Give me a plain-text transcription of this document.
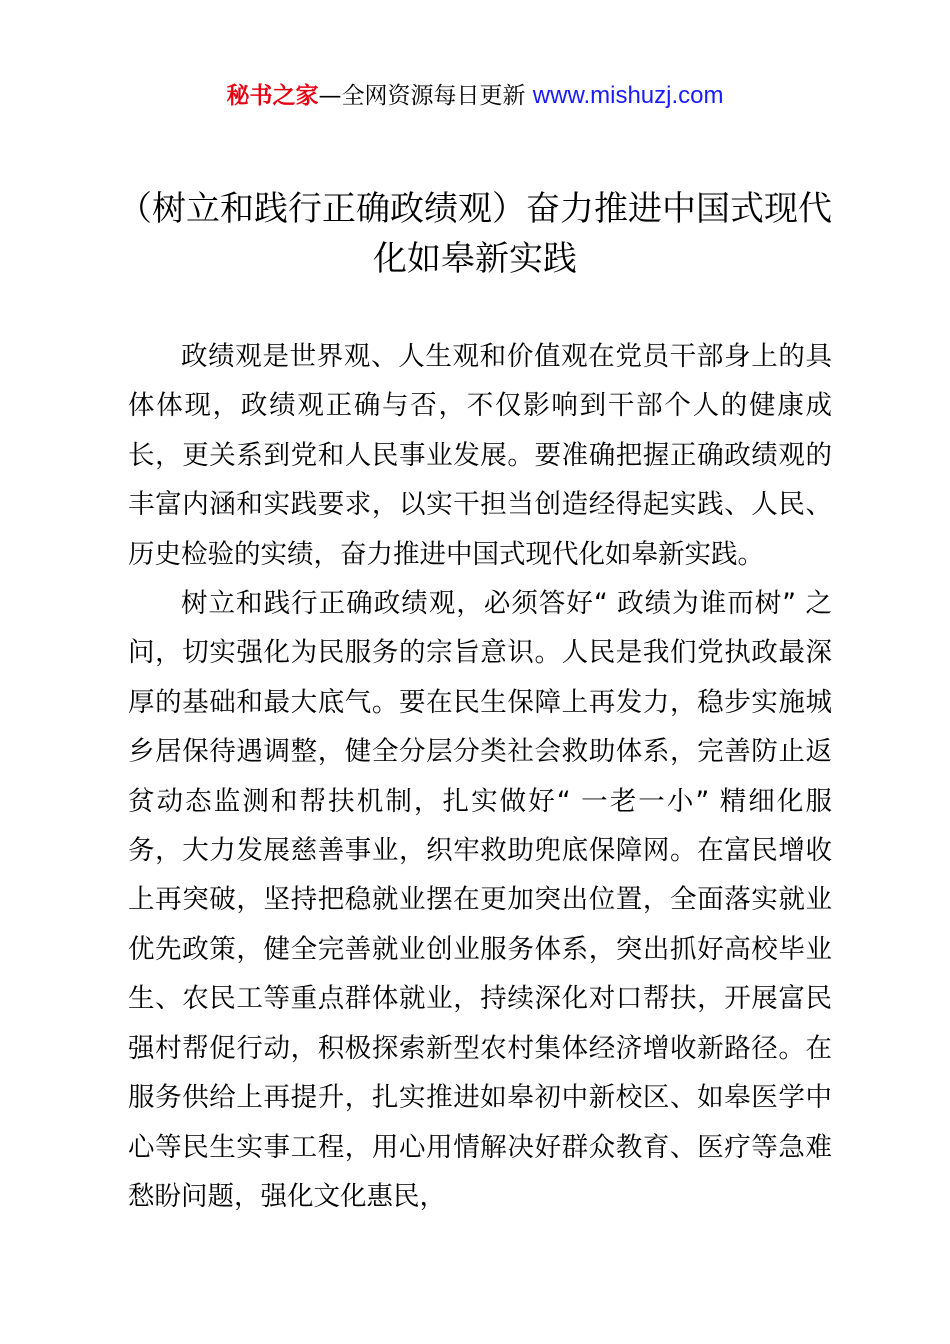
秘书之家—全网资源每日更新 www.mishuzj.com
（树立和践行正确政绩观）奋力推进中国式现代化如皋新实践

政绩观是世界观、人生观和价值观在党员干部身上的具体体现，政绩观正确与否，不仅影响到干部个人的健康成长，更关系到党和人民事业发展。要准确把握正确政绩观的丰富内涵和实践要求，以实干担当创造经得起实践、人民、历史检验的实绩，奋力推进中国式现代化如皋新实践。

树立和践行正确政绩观，必须答好“ 政绩为谁而树” 之问，切实强化为民服务的宗旨意识。人民是我们党执政最深厚的基础和最大底气。要在民生保障上再发力，稳步实施城乡居保待遇调整，健全分层分类社会救助体系，完善防止返贫动态监测和帮扶机制，扎实做好“ 一老一小” 精细化服务，大力发展慈善事业，织牢救助兜底保障网。在富民增收上再突破，坚持把稳就业摆在更加突出位置，全面落实就业优先政策，健全完善就业创业服务体系，突出抓好高校毕业生、农民工等重点群体就业，持续深化对口帮扶，开展富民强村帮促行动，积极探索新型农村集体经济增收新路径。在服务供给上再提升，扎实推进如皋初中新校区、如皋医学中心等民生实事工程，用心用情解决好群众教育、医疗等急难愁盼问题，强化文化惠民，
